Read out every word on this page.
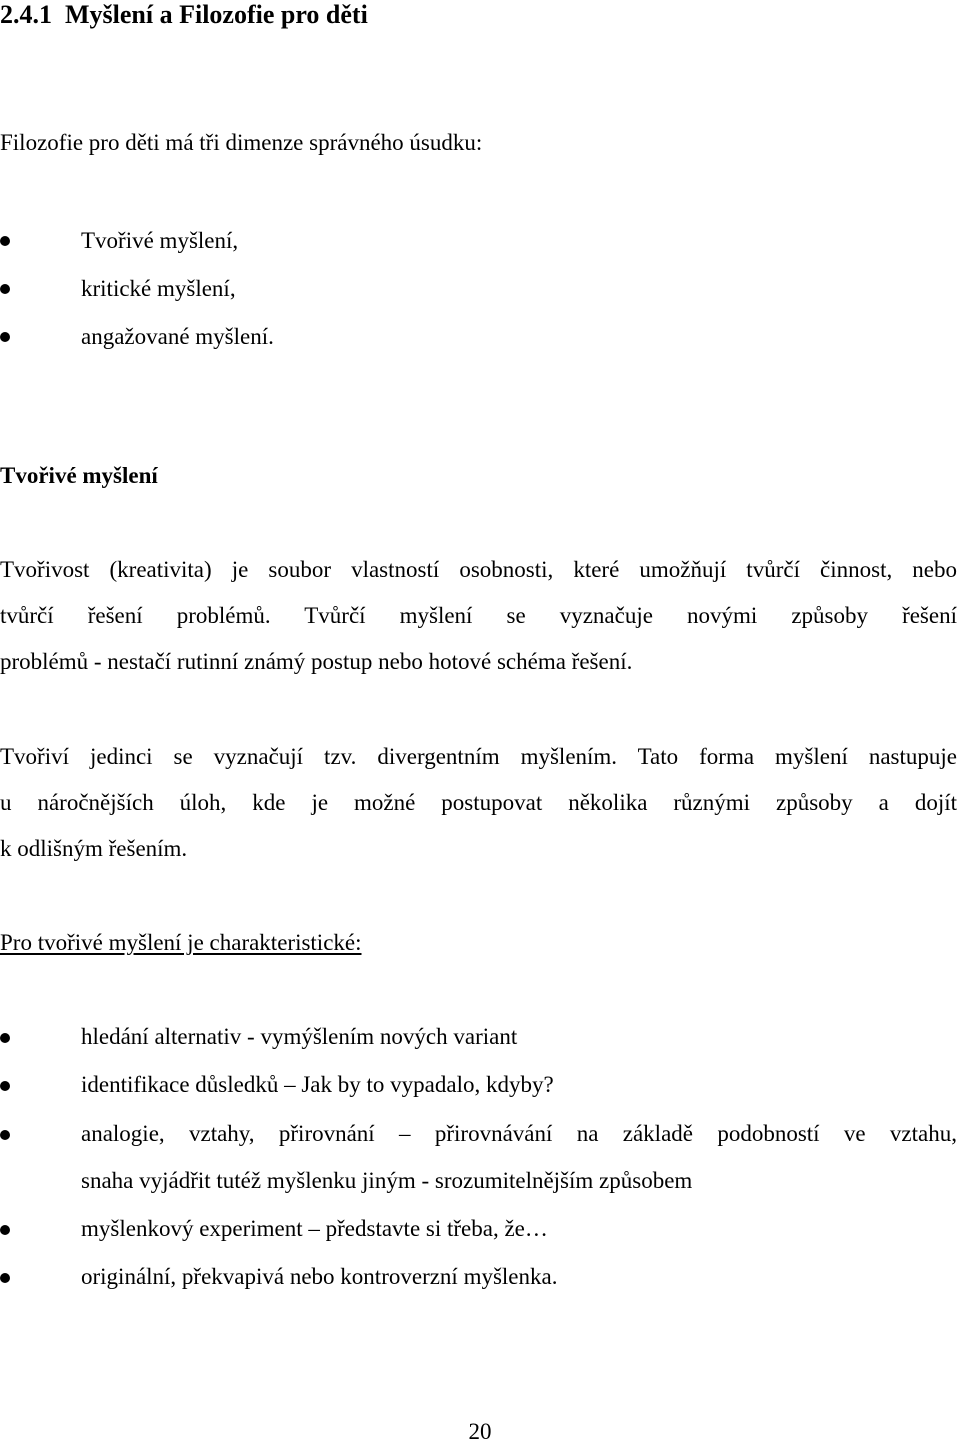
2.4.1 Myšlení a Filozofie pro děti
Filozofie pro děti má tři dimenze správného úsudku:
Tvořivé myšlení,
kritické myšlení,
angažované myšlení.
Tvořivé myšlení
Tvořivost (kreativita) je soubor vlastností osobnosti, které umožňují tvůrčí činnost, nebo
tvůrčí řešení problémů. Tvůrčí myšlení se vyznačuje novými způsoby řešení
problémů - nestačí rutinní známý postup nebo hotové schéma řešení.
Tvořiví jedinci se vyznačují tzv. divergentním myšlením. Tato forma myšlení nastupuje
u náročnějších úloh, kde je možné postupovat několika různými způsoby a dojít
k odlišným řešením.
Pro tvořivé myšlení je charakteristické:
hledání alternativ - vymýšlením nových variant
identifikace důsledků – Jak by to vypadalo, kdyby?
analogie, vztahy, přirovnání – přirovnávání na základě podobností ve vztahu,
snaha vyjádřit tutéž myšlenku jiným - srozumitelnějším způsobem
myšlenkový experiment – představte si třeba, že…
originální, překvapivá nebo kontroverzní myšlenka.
20
